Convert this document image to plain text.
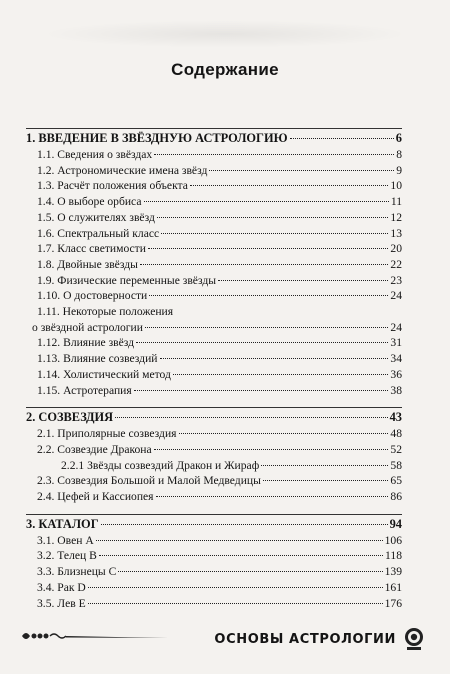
Содержание
1. ВВЕДЕНИЕ В ЗВЁЗДНУЮ АСТРОЛОГИЮ	6
1.1. Сведения о звёздах	8
1.2. Астрономические имена звёзд	9
1.3. Расчёт положения объекта	10
1.4. О выборе орбиса	11
1.5. О служителях звёзд	12
1.6. Спектральный класс	13
1.7. Класс светимости	20
1.8. Двойные звёзды	22
1.9. Физические переменные звёзды	23
1.10. О достоверности	24
1.11. Некоторые положения
о звёздной астрологии	24
1.12. Влияние звёзд	31
1.13. Влияние созвездий	34
1.14. Холистический метод	36
1.15. Астротерапия	38
2. СОЗВЕЗДИЯ	43
2.1. Приполярные созвездия	48
2.2. Созвездие Дракона	52
2.2.1 Звёзды созвездий Дракон и Жираф	58
2.3. Созвездия Большой и Малой Медведицы	65
2.4. Цефей и Кассиопея	86
3. КАТАЛОГ	94
3.1. Овен А	106
3.2. Телец В	118
3.3. Близнецы С	139
3.4. Рак D	161
3.5. Лев E	176
ОСНОВЫ АСТРОЛОГИИ
